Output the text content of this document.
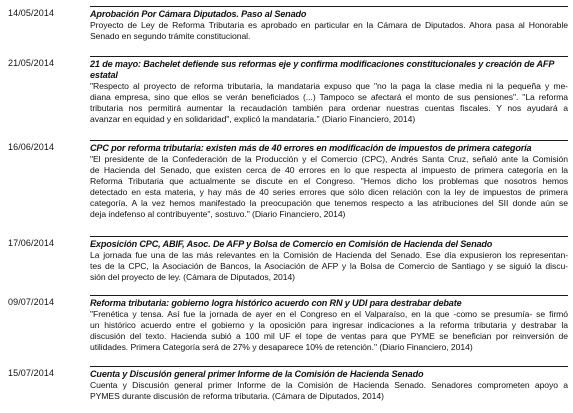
14/05/2014	Aprobación Por Cámara Diputados. Paso al Senado
Proyecto de Ley de Reforma Tributaria es aprobado en particular en la Cámara de Diputados. Ahora pasa al Honorable
Senado en segundo trámite constitucional.
21/05/2014	21 de mayo: Bachelet defiende sus reformas eje y confirma modificaciones constitucionales y creación de AFP
estatal
"Respecto al proyecto de reforma tributaria, la mandataria expuso que "no la paga la clase media ni la pequeña y me-
diana empresa, sino que ellos se verán beneficiados (...) Tampoco se afectará el monto de sus pensiones". "La reforma
tributaria nos permitirá aumentar la recaudación también para ordenar nuestras cuentas fiscales. Y nos ayudará a
avanzar en equidad y en solidaridad", explicó la mandataria." (Diario Financiero, 2014)
16/06/2014	CPC por reforma tributaria: existen más de 40 errores en modificación de impuestos de primera categoría
"El presidente de la Confederación de la Producción y el Comercio (CPC), Andrés Santa Cruz, señaló ante la Comisión
de Hacienda del Senado, que existen cerca de 40 errores en lo que respecta al impuesto de primera categoría en la
Reforma Tributaria que actualmente se discute en el Congreso. "Hemos dicho los problemas que nosotros hemos
detectado en esta materia, y hay más de 40 series errores que sólo dicen relación con la ley de impuestos de primera
categoría. A la vez hemos manifestado la preocupación que tenemos respecto a las atribuciones del SII donde aún se
deja indefenso al contribuyente", sostuvo." (Diario Financiero, 2014)
17/06/2014	Exposición CPC, ABIF, Asoc. De AFP y Bolsa de Comercio en Comisión de Hacienda del Senado
La jornada fue una de las más relevantes en la Comisión de Hacienda del Senado. Ese día expusieron los representan-
tes de la CPC, la Asociación de Bancos, la Asociación de AFP y la Bolsa de Comercio de Santiago y se siguió la discu-
sión del proyecto de ley. (Cámara de Diputados, 2014)
09/07/2014	Reforma tributaria: gobierno logra histórico acuerdo con RN y UDI para destrabar debate
"Frenética y tensa. Así fue la jornada de ayer en el Congreso en el Valparaíso, en la que -como se presumía- se firmó
un histórico acuerdo entre el gobierno y la oposición para ingresar indicaciones a la reforma tributaria y destrabar la
discusión del texto. Hacienda subió a 100 mil UF el tope de ventas para que PYME se benefician por reinversión de
utilidades. Primera Categoría será de 27% y desaparece 10% de retención." (Diario Financiero, 2014)
15/07/2014	Cuenta y Discusión general primer Informe de la Comisión de Hacienda Senado
Cuenta y Discusión general primer Informe de la Comisión de Hacienda Senado. Senadores comprometen apoyo a
PYMES durante discusión de reforma tributaria. (Cámara de Diputados, 2014)
